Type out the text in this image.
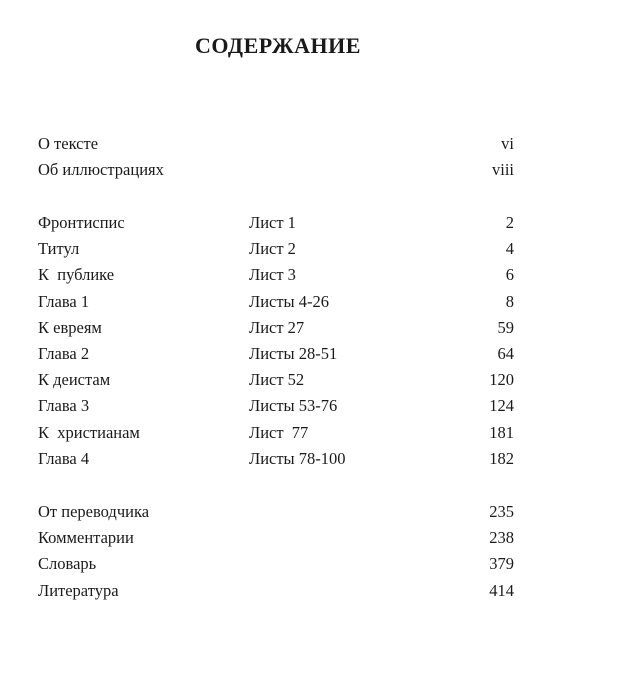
СОДЕРЖАНИЕ
О тексте	vi
Об иллюстрациях	viii
Фронтиспис	Лист 1	2
Титул	Лист 2	4
К  публике	Лист 3	6
Глава 1	Листы 4-26	8
К евреям	Лист 27	59
Глава 2	Листы 28-51	64
К деистам	Лист 52	120
Глава 3	Листы 53-76	124
К  христианам	Лист  77	181
Глава 4	Листы 78-100	182
От переводчика	235
Комментарии	238
Словарь	379
Литература	414
